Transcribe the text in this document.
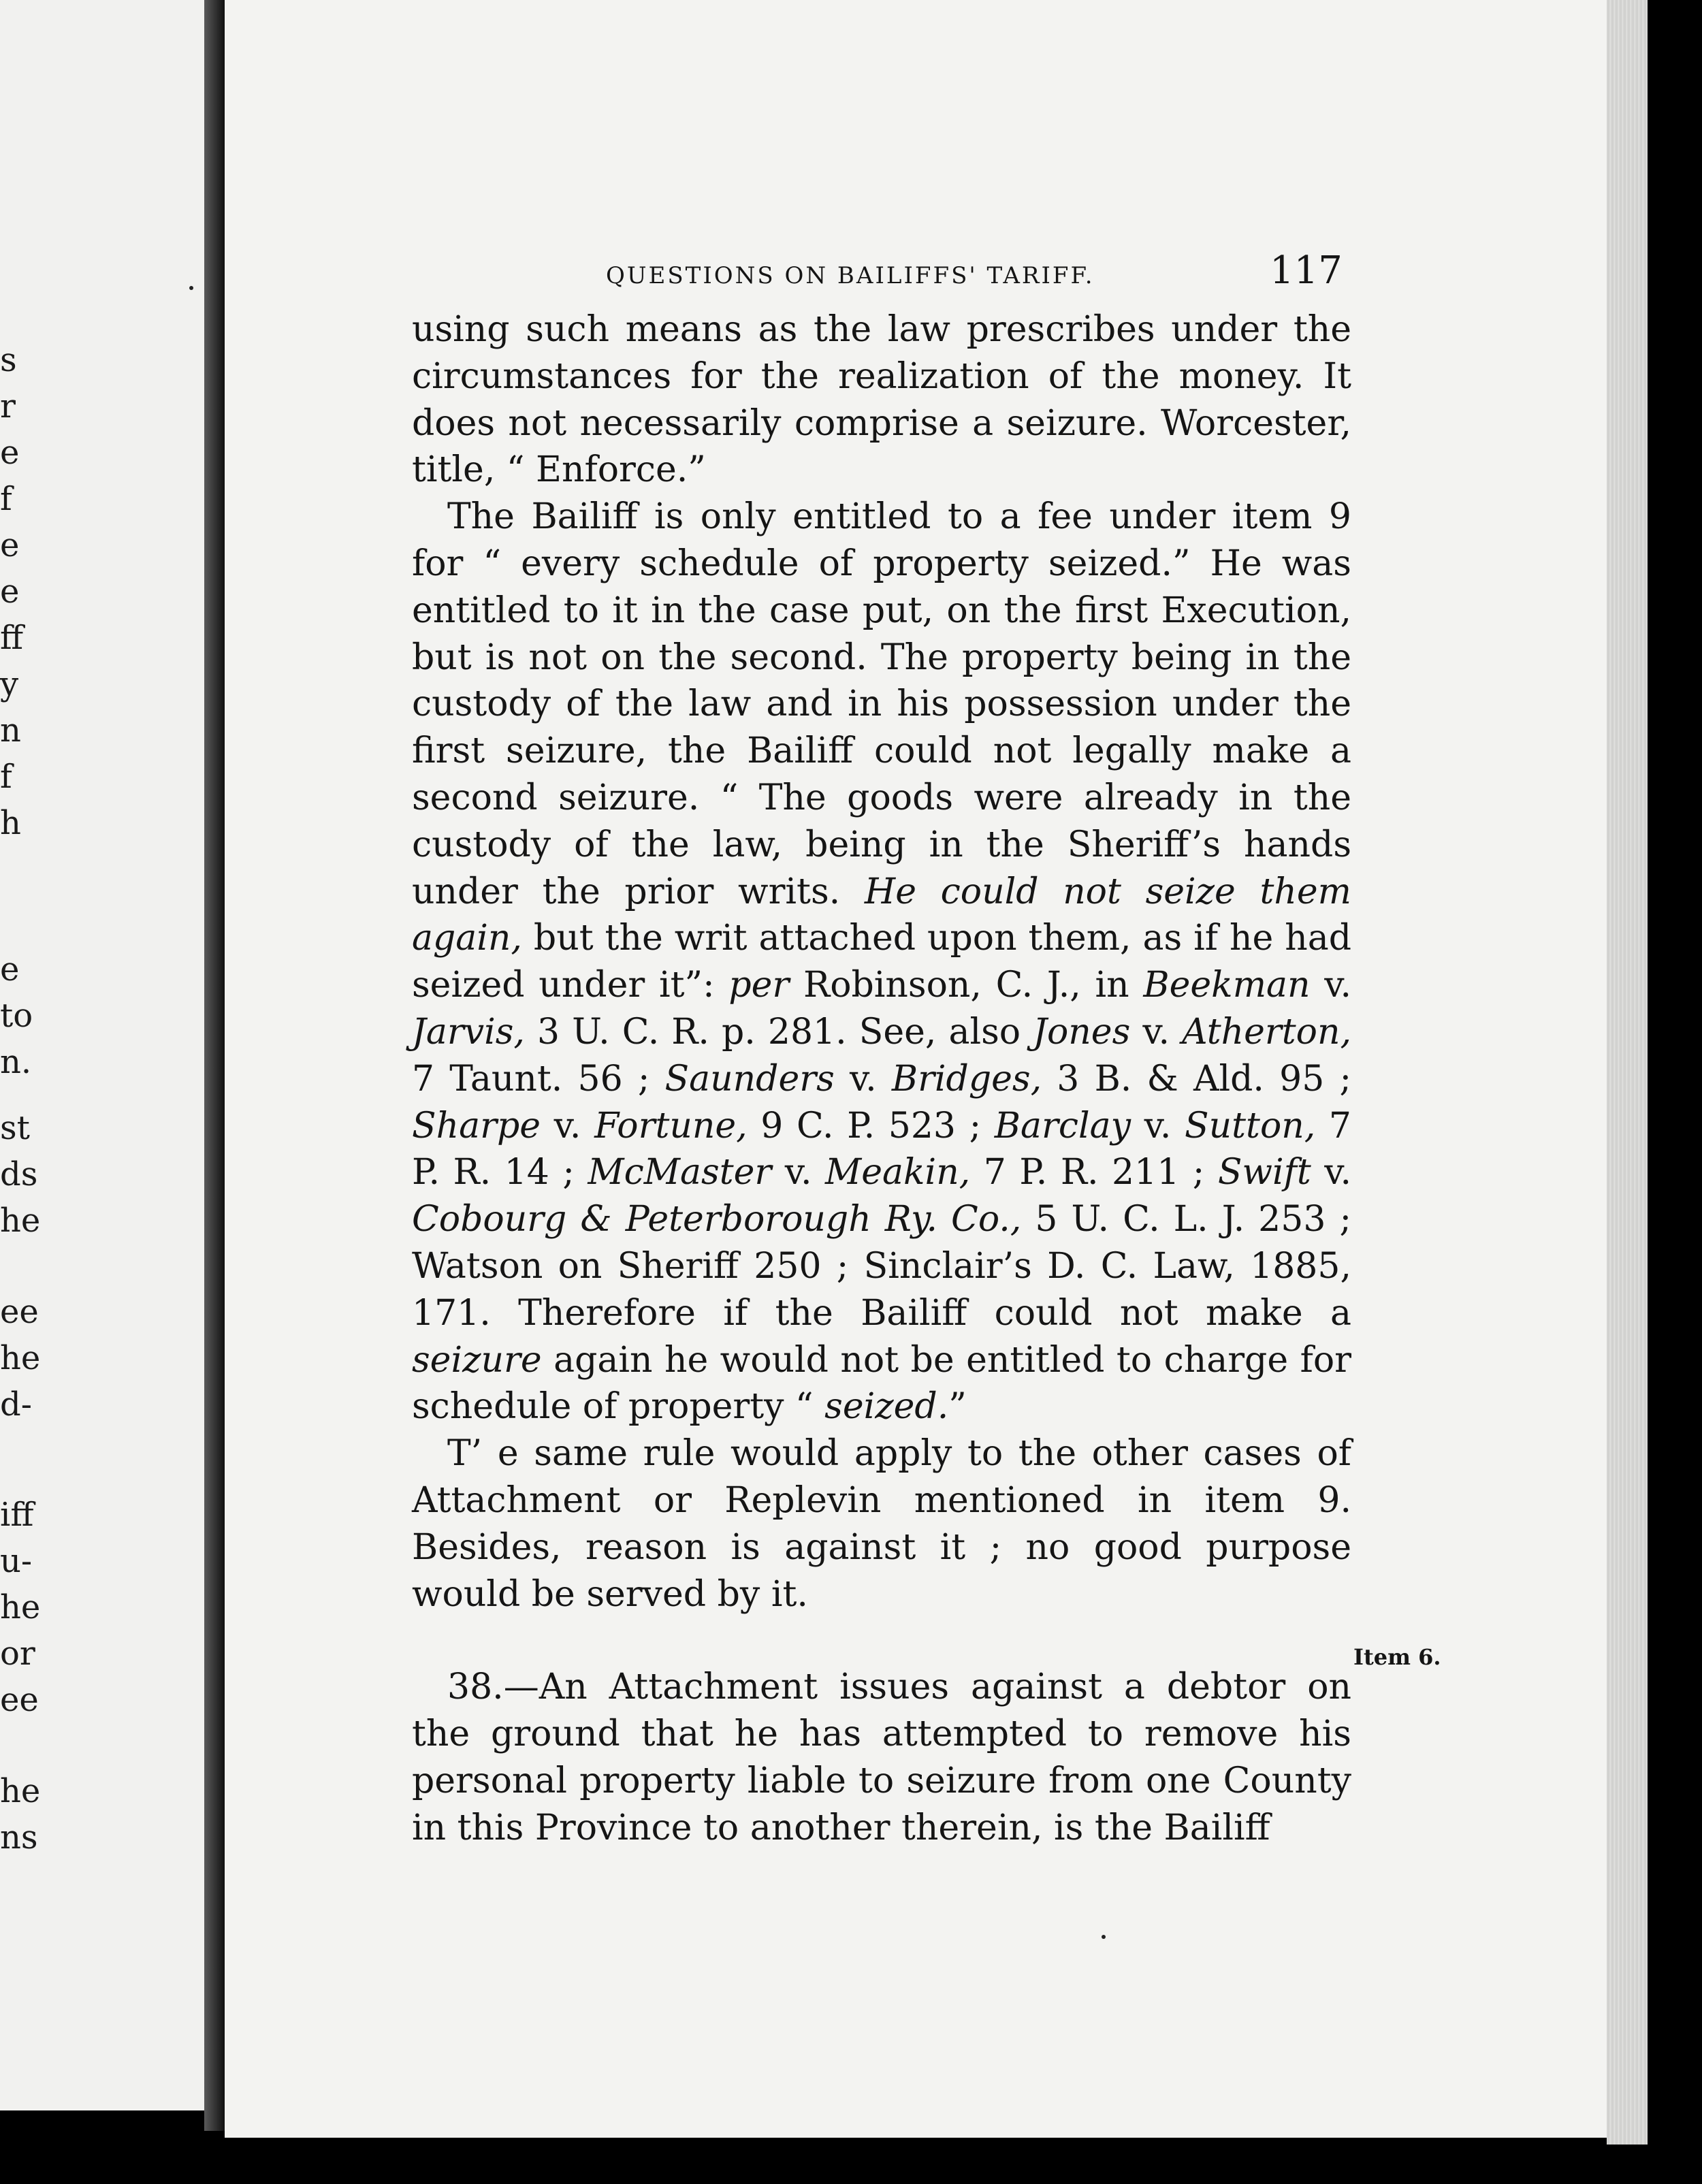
s
r
e
f
e
e
ff
y
n
f
h
e
to
n.
st
ds
he
ee
he
d-
iff
u-
he
or
ee
he
ns
QUESTIONS ON BAILIFFS' TARIFF.	117

using such means as the law prescribes under the circumstances for the realization of the money. It does not necessarily comprise a seizure. Worcester, title, “ Enforce.”

The Bailiff is only entitled to a fee under item 9 for “ every schedule of property seized.” He was entitled to it in the case put, on the first Execution, but is not on the second. The property being in the custody of the law and in his possession under the first seizure, the Bailiff could not legally make a second seizure. “ The goods were already in the custody of the law, being in the Sheriff’s hands under the prior writs. He could not seize them again, but the writ attached upon them, as if he had seized under it”: per Robinson, C. J., in Beekman v. Jarvis, 3 U. C. R. p. 281. See, also Jones v. Atherton, 7 Taunt. 56 ; Saunders v. Bridges, 3 B. & Ald. 95 ; Sharpe v. Fortune, 9 C. P. 523 ; Barclay v. Sutton, 7 P. R. 14 ; McMaster v. Meakin, 7 P. R. 211 ; Swift v. Cobourg & Peterborough Ry. Co., 5 U. C. L. J. 253 ; Watson on Sheriff 250 ; Sinclair’s D. C. Law, 1885, 171. Therefore if the Bailiff could not make a seizure again he would not be entitled to charge for schedule of property “ seized.”

T’ e same rule would apply to the other cases of Attachment or Replevin mentioned in item 9. Besides, reason is against it ; no good purpose would be served by it.

38.—An Attachment issues against a debtor on the ground that he has attempted to remove his personal property liable to seizure from one County in this Province to another therein, is the Bailiff

Item 6.
